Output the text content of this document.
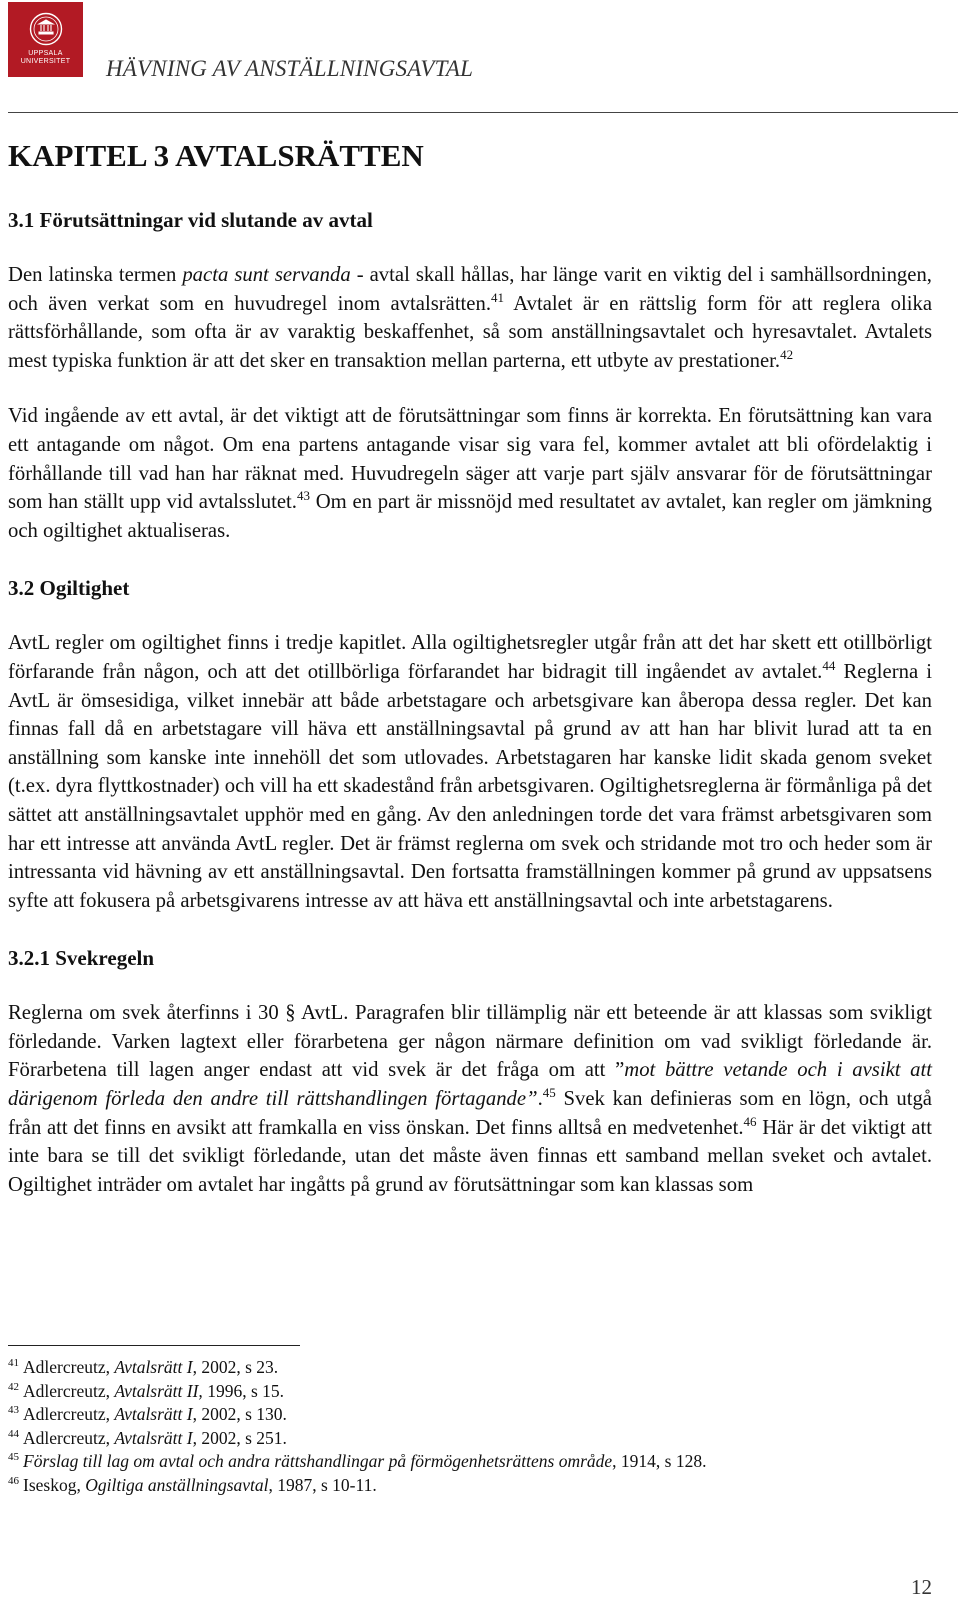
UPPSALA
UNIVERSITET HÄVNING AV ANSTÄLLNINGSAVTAL
KAPITEL 3 AVTALSRÄTTEN
3.1 Förutsättningar vid slutande av avtal

Den latinska termen pacta sunt servanda - avtal skall hållas, har länge varit en viktig del i samhällsordningen, och även verkat som en huvudregel inom avtalsrätten.$^{41}$ Avtalet är en rättslig form för att reglera olika rättsförhållande, som ofta är av varaktig beskaffenhet, så som anställningsavtalet och hyresavtalet. Avtalets mest typiska funktion är att det sker en transaktion mellan parterna, ett utbyte av prestationer.$^{42}$

Vid ingående av ett avtal, är det viktigt att de förutsättningar som finns är korrekta. En förutsättning kan vara ett antagande om något. Om ena partens antagande visar sig vara fel, kommer avtalet att bli ofördelaktig i förhållande till vad han har räknat med. Huvudregeln säger att varje part själv ansvarar för de förutsättningar som han ställt upp vid avtalsslutet.$^{43}$ Om en part är missnöjd med resultatet av avtalet, kan regler om jämkning och ogiltighet aktualiseras.

3.2 Ogiltighet

AvtL regler om ogiltighet finns i tredje kapitlet. Alla ogiltighetsregler utgår från att det har skett ett otillbörligt förfarande från någon, och att det otillbörliga förfarandet har bidragit till ingåendet av avtalet.$^{44}$ Reglerna i AvtL är ömsesidiga, vilket innebär att både arbetstagare och arbetsgivare kan åberopa dessa regler. Det kan finnas fall då en arbetstagare vill häva ett anställningsavtal på grund av att han har blivit lurad att ta en anställning som kanske inte innehöll det som utlovades. Arbetstagaren har kanske lidit skada genom sveket (t.ex. dyra flyttkostnader) och vill ha ett skadestånd från arbetsgivaren. Ogiltighetsreglerna är förmånliga på det sättet att anställningsavtalet upphör med en gång. Av den anledningen torde det vara främst arbetsgivaren som har ett intresse att använda AvtL regler. Det är främst reglerna om svek och stridande mot tro och heder som är intressanta vid hävning av ett anställningsavtal. Den fortsatta framställningen kommer på grund av uppsatsens syfte att fokusera på arbetsgivarens intresse av att häva ett anställningsavtal och inte arbetstagarens.

3.2.1 Svekregeln

Reglerna om svek återfinns i 30 § AvtL. Paragrafen blir tillämplig när ett beteende är att klassas som svikligt förledande. Varken lagtext eller förarbetena ger någon närmare definition om vad svikligt förledande är. Förarbetena till lagen anger endast att vid svek är det fråga om att ”mot bättre vetande och i avsikt att därigenom förleda den andre till rättshandlingen förtagande”.$^{45}$ Svek kan definieras som en lögn, och utgå från att det finns en avsikt att framkalla en viss önskan. Det finns alltså en medvetenhet.$^{46}$ Här är det viktigt att inte bara se till det svikligt förledande, utan det måste även finnas ett samband mellan sveket och avtalet. Ogiltighet inträder om avtalet har ingåtts på grund av förutsättningar som kan klassas som

$^{41}$ Adlercreutz, Avtalsrätt I, 2002, s 23.
$^{42}$ Adlercreutz, Avtalsrätt II, 1996, s 15.
$^{43}$ Adlercreutz, Avtalsrätt I, 2002, s 130.
$^{44}$ Adlercreutz, Avtalsrätt I, 2002, s 251.
$^{45}$ Förslag till lag om avtal och andra rättshandlingar på förmögenhetsrättens område, 1914, s 128.
$^{46}$ Iseskog, Ogiltiga anställningsavtal, 1987, s 10-11.
12
